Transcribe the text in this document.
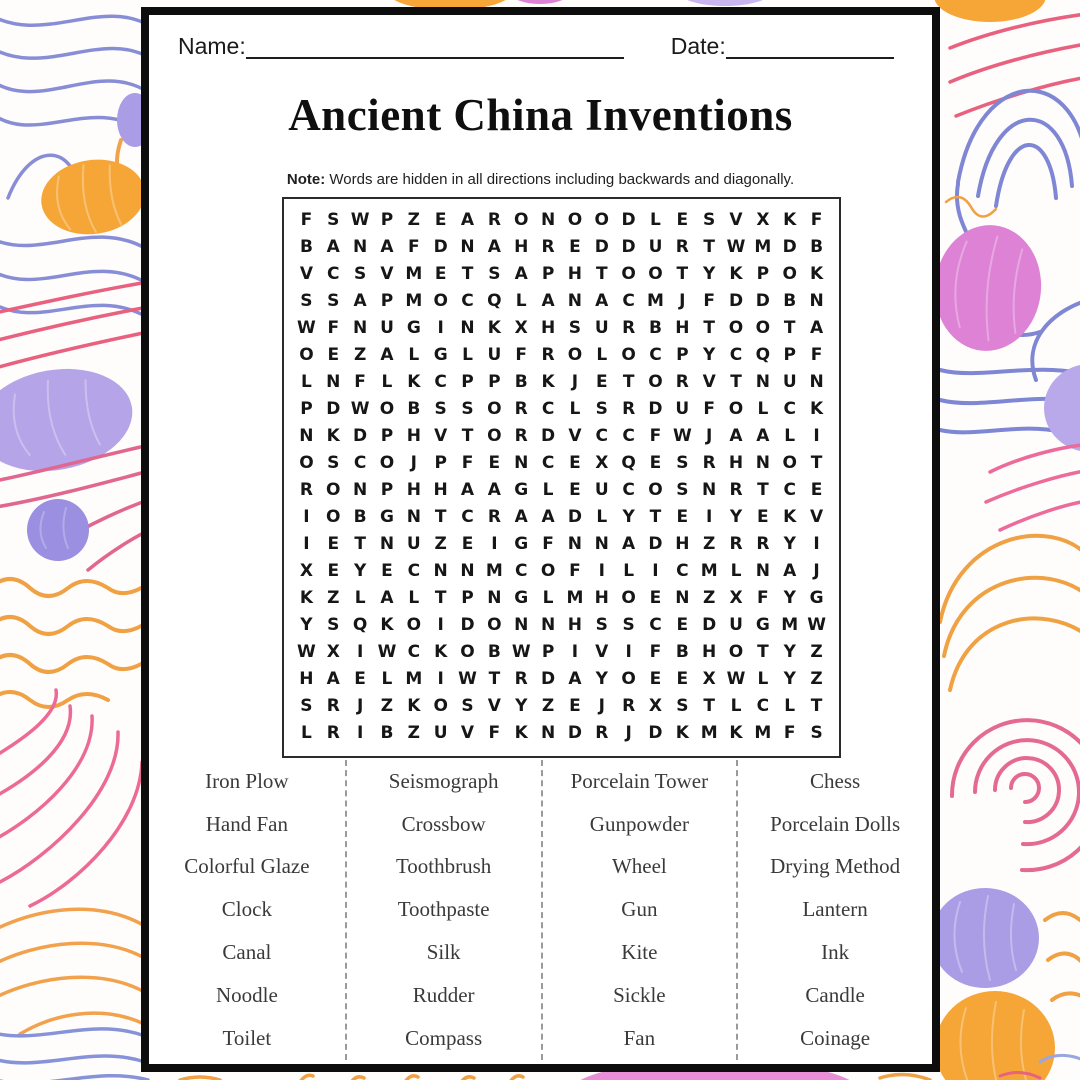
Name:	Date:
Ancient China Inventions
Note: Words are hidden in all directions including backwards and diagonally.
F S W P Z E A R O N O O D L E S V X K F
B A N A F D N A H R E D D U R T W M D B
V C S V M E T S A P H T O O T Y K P O K
S S A P M O C Q L A N A C M J	F D D B N
W F N U G I N K X H S U R B H T O O T A
O E Z A L G L U F R O L O C P Y C Q P F
L N F L K C P P B K	J	E T O R V T N U N
P D W O B S S O R C L S R D U F O L C K
N K D P H V T O R D V C C F W J	A A L	I
O S C O J	P F E N C E X Q E S R H N O T
R O N P H H A A G L E U C O S N R T C E
I O B G N T C R A A D L Y T E	I	Y E K V
I	E T N U Z E	I G F N N A D H Z R R Y	I
X E Y E C N N M C O F	I	L	I	C M L N A	J
K Z L A L T P N G L M H O E N Z X F Y G
Y S Q K O I D O N N H S S C E D U G M W
W X	I W C K O B W P	I	V	I	F B H O T Y Z
H A E L M I W T R D A Y O E E X W L Y Z
S R	J	Z K O S V Y Z E	J	R X S T L C L T
L R	I	B Z U V F K N D R	J D K M K M F S
Iron Plow
Hand Fan
Colorful Glaze
Clock
Canal
Noodle
Toilet
Seismograph
Crossbow
Toothbrush
Toothpaste
Silk
Rudder
Compass
Porcelain Tower
Gunpowder
Wheel
Gun
Kite
Sickle
Fan
Chess
Porcelain Dolls
Drying Method
Lantern
Ink
Candle
Coinage
